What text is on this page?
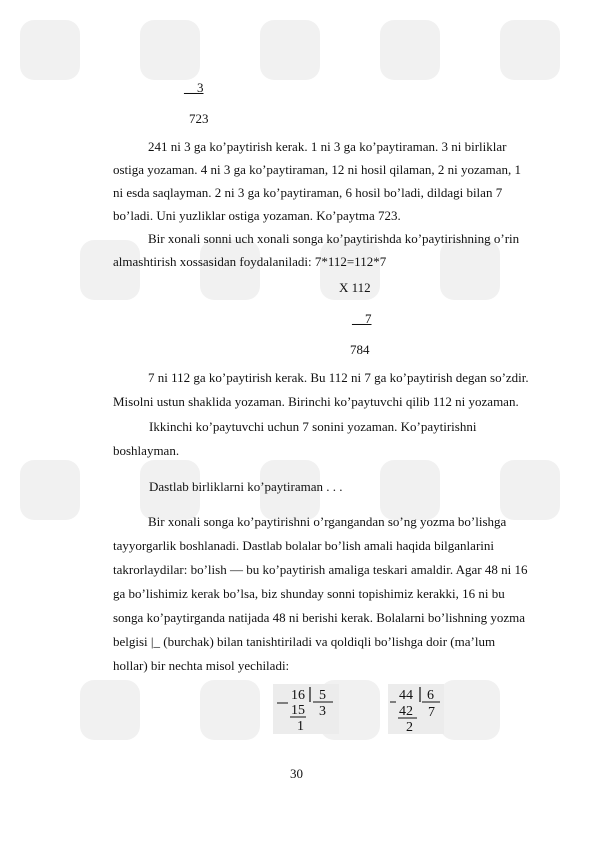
__3
723
241 ni 3 ga ko’paytirish kerak. 1 ni 3 ga ko’paytiraman. 3 ni birliklar
ostiga yozaman. 4 ni 3 ga ko’paytiraman, 12 ni hosil qilaman, 2 ni yozaman, 1
ni esda saqlayman. 2 ni 3 ga ko’paytiraman, 6 hosil bo’ladi, dildagi bilan 7
bo’ladi. Uni yuzliklar ostiga yozaman. Ko’paytma 723.
Bir xonali sonni uch xonali songa ko’paytirishda ko’paytirishning o’rin
almashtirish xossasidan foydalaniladi: 7*112=112*7
X 112
__7
784
7 ni 112 ga ko’paytirish kerak. Bu 112 ni 7 ga ko’paytirish degan so’zdir.
Misolni ustun shaklida yozaman. Birinchi ko’paytuvchi qilib 112 ni yozaman.
Ikkinchi ko’paytuvchi uchun 7 sonini yozaman. Ko’paytirishni
boshlayman.
Dastlab birliklarni ko’paytiraman . . .
Bir xonali songa ko’paytirishni o’rgangandan so’ng yozma bo’lishga
tayyorgarlik boshlanadi. Dastlab bolalar bo’lish amali haqida bilganlarini
takrorlaydilar: bo’lish — bu ko’paytirish amaliga teskari amaldir. Agar 48 ni 16
ga bo’lishimiz kerak bo’lsa, biz shunday sonni topishimiz kerakki, 16 ni bu
songa ko’paytirganda natijada 48 ni berishi kerak. Bolalarni bo’lishning yozma
belgisi |_ (burchak) bilan tanishtiriladi va qoldiqli bo’lishga doir (ma’lum
hollar) bir nechta misol yechiladi:
16 5
15 3
1
44 6
42 7
2
30
